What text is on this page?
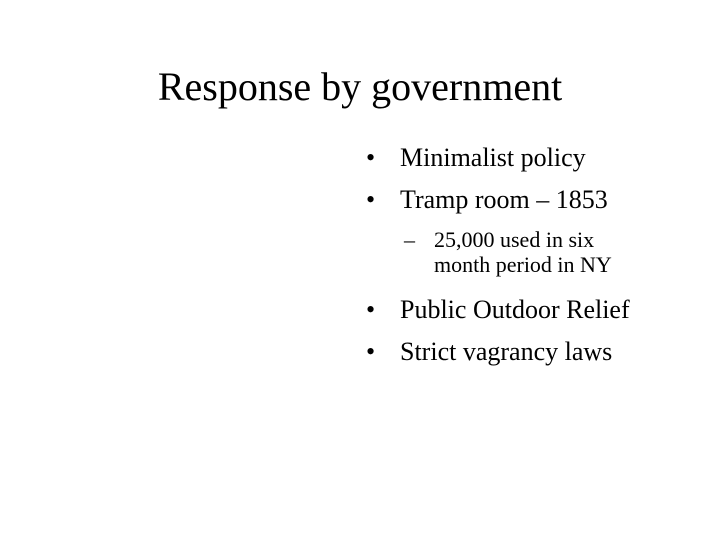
Response by government
• Minimalist policy
• Tramp room – 1853
– 25,000 used in six
month period in NY
• Public Outdoor Relief
• Strict vagrancy laws
